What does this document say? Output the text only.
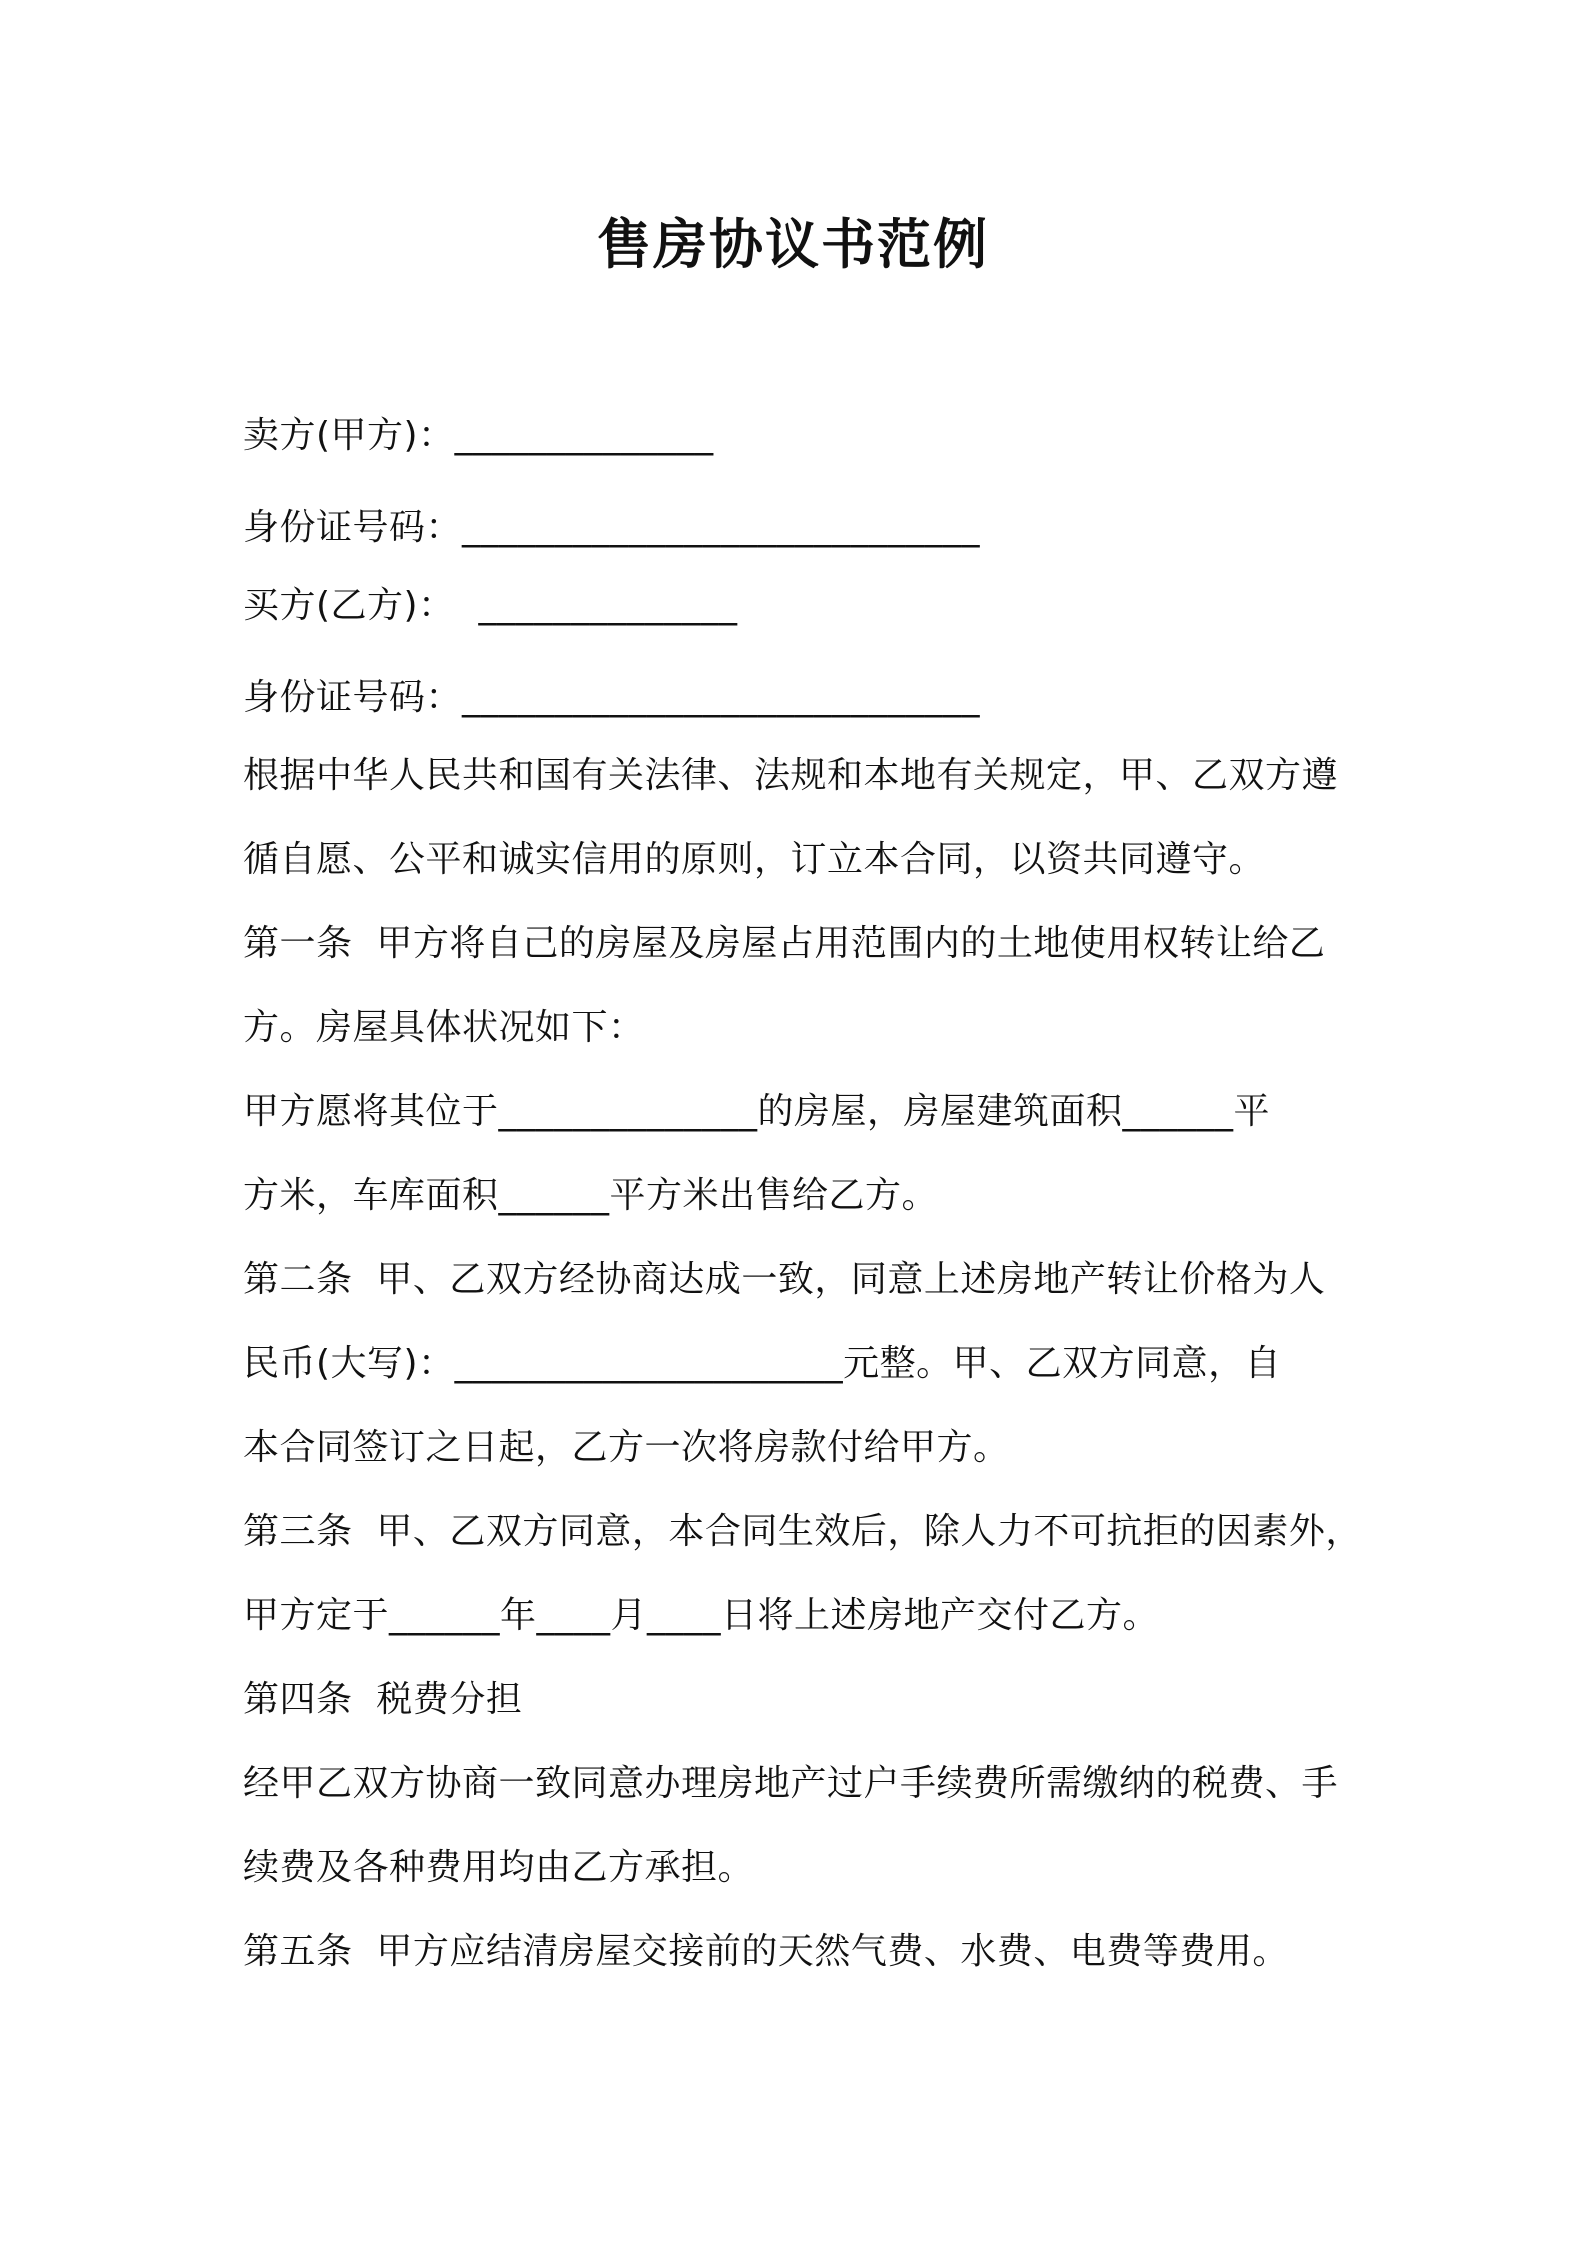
售房协议书范例
卖方(甲方)：______________
身份证号码：____________________________
买方(乙方)：  ______________
身份证号码：____________________________
根据中华人民共和国有关法律、法规和本地有关规定，甲、乙双方遵
循自愿、公平和诚实信用的原则，订立本合同，以资共同遵守。
第一条  甲方将自己的房屋及房屋占用范围内的土地使用权转让给乙
方。房屋具体状况如下：
甲方愿将其位于______________的房屋，房屋建筑面积______平
方米，车库面积______平方米出售给乙方。
第二条  甲、乙双方经协商达成一致，同意上述房地产转让价格为人
民币(大写)：_____________________元整。甲、乙双方同意，自
本合同签订之日起，乙方一次将房款付给甲方。
第三条  甲、乙双方同意，本合同生效后，除人力不可抗拒的因素外，
甲方定于______年____月____日将上述房地产交付乙方。
第四条  税费分担
经甲乙双方协商一致同意办理房地产过户手续费所需缴纳的税费、手
续费及各种费用均由乙方承担。
第五条  甲方应结清房屋交接前的天然气费、水费、电费等费用。
